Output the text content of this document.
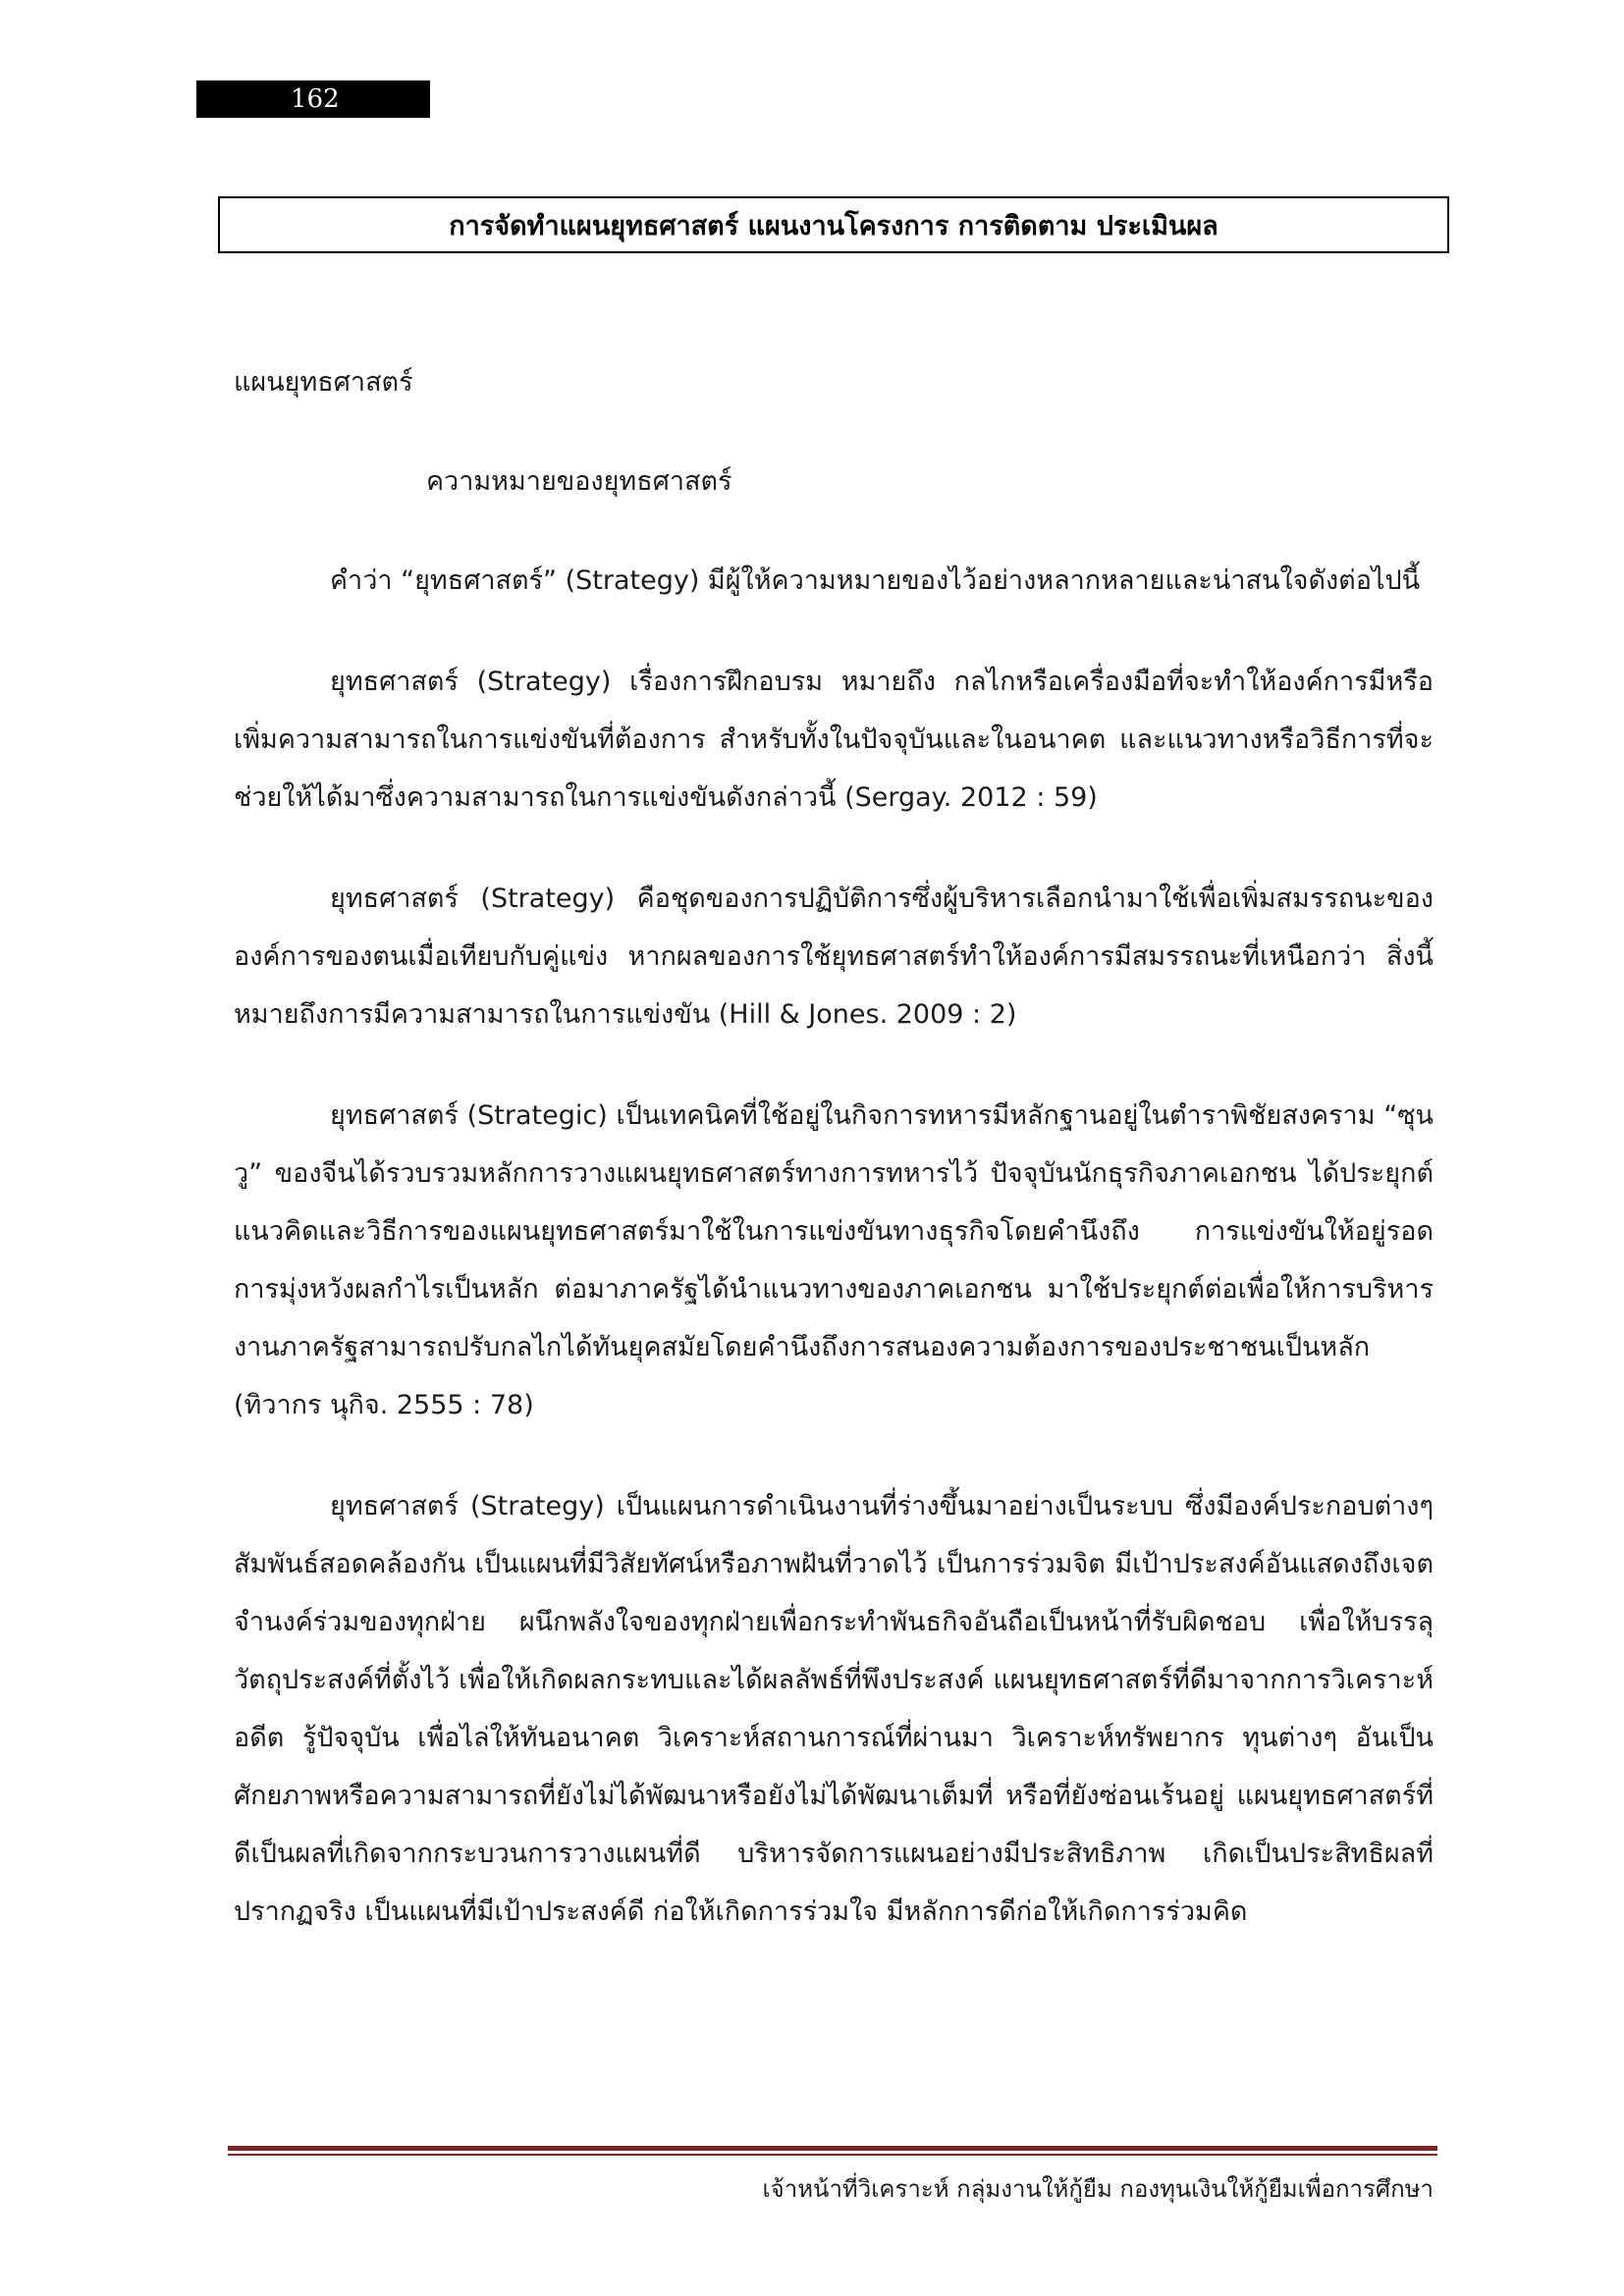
162
การจัดทำแผนยุทธศาสตร์ แผนงานโครงการ การติดตาม ประเมินผล

แผนยุทธศาสตร์

ความหมายของยุทธศาสตร์

คำว่า “ยุทธศาสตร์” (Strategy) มีผู้ให้ความหมายของไว้อย่างหลากหลายและน่าสนใจดังต่อไปนี้

ยุทธศาสตร์ (Strategy) เรื่องการฝึกอบรม หมายถึง กลไกหรือเครื่องมือที่จะทำให้องค์การมีหรือเพิ่มความสามารถในการแข่งขันที่ต้องการ สำหรับทั้งในปัจจุบันและในอนาคต และแนวทางหรือวิธีการที่จะช่วยให้ได้มาซึ่งความสามารถในการแข่งขันดังกล่าวนี้ (Sergay. 2012 : 59)

ยุทธศาสตร์ (Strategy) คือชุดของการปฏิบัติการซึ่งผู้บริหารเลือกนำมาใช้เพื่อเพิ่มสมรรถนะขององค์การของตนเมื่อเทียบกับคู่แข่ง หากผลของการใช้ยุทธศาสตร์ทำให้องค์การมีสมรรถนะที่เหนือกว่า สิ่งนี้หมายถึงการมีความสามารถในการแข่งขัน (Hill & Jones. 2009 : 2)

ยุทธศาสตร์ (Strategic) เป็นเทคนิคที่ใช้อยู่ในกิจการทหารมีหลักฐานอยู่ในตำราพิชัยสงคราม “ซุนวู” ของจีนได้รวบรวมหลักการวางแผนยุทธศาสตร์ทางการทหารไว้ ปัจจุบันนักธุรกิจภาคเอกชน ได้ประยุกต์แนวคิดและวิธีการของแผนยุทธศาสตร์มาใช้ในการแข่งขันทางธุรกิจโดยคำนึงถึง การแข่งขันให้อยู่รอด การมุ่งหวังผลกำไรเป็นหลัก ต่อมาภาครัฐได้นำแนวทางของภาคเอกชน มาใช้ประยุกต์ต่อเพื่อให้การบริหารงานภาครัฐสามารถปรับกลไกได้ทันยุคสมัยโดยคำนึงถึงการสนองความต้องการของประชาชนเป็นหลัก (ทิวากร นุกิจ. 2555 : 78)

ยุทธศาสตร์ (Strategy) เป็นแผนการดำเนินงานที่ร่างขึ้นมาอย่างเป็นระบบ ซึ่งมีองค์ประกอบต่างๆ สัมพันธ์สอดคล้องกัน เป็นแผนที่มีวิสัยทัศน์หรือภาพฝันที่วาดไว้ เป็นการร่วมจิต มีเป้าประสงค์อันแสดงถึงเจตจำนงค์ร่วมของทุกฝ่าย ผนึกพลังใจของทุกฝ่ายเพื่อกระทำพันธกิจอันถือเป็นหน้าที่รับผิดชอบ เพื่อให้บรรลุวัตถุประสงค์ที่ตั้งไว้ เพื่อให้เกิดผลกระทบและได้ผลลัพธ์ที่พึงประสงค์ แผนยุทธศาสตร์ที่ดีมาจากการวิเคราะห์อดีต รู้ปัจจุบัน เพื่อไล่ให้ทันอนาคต วิเคราะห์สถานการณ์ที่ผ่านมา วิเคราะห์ทรัพยากร ทุนต่างๆ อันเป็นศักยภาพหรือความสามารถที่ยังไม่ได้พัฒนาหรือยังไม่ได้พัฒนาเต็มที่ หรือที่ยังซ่อนเร้นอยู่ แผนยุทธศาสตร์ที่ดีเป็นผลที่เกิดจากกระบวนการวางแผนที่ดี บริหารจัดการแผนอย่างมีประสิทธิภาพ เกิดเป็นประสิทธิผลที่ปรากฏจริง เป็นแผนที่มีเป้าประสงค์ดี ก่อให้เกิดการร่วมใจ มีหลักการดีก่อให้เกิดการร่วมคิด

เจ้าหน้าที่วิเคราะห์ กลุ่มงานให้กู้ยืม กองทุนเงินให้กู้ยืมเพื่อการศึกษา
